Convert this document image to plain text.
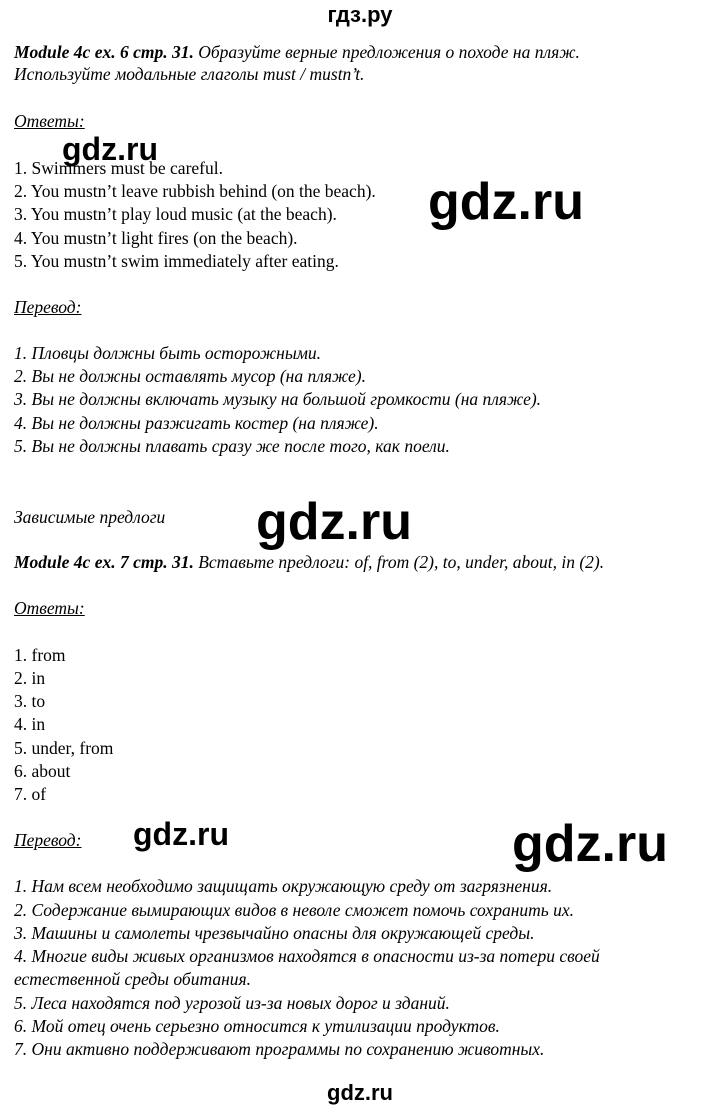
гдз.ру
Module 4c ex. 6 стр. 31. Образуйте верные предложения о походе на пляж.
Используйте модальные глаголы must / mustn’t.
Ответы:
1. Swimmers must be careful.
2. You mustn’t leave rubbish behind (on the beach).
3. You mustn’t play loud music (at the beach).
4. You mustn’t light fires (on the beach).
5. You mustn’t swim immediately after eating.
Перевод:
1. Пловцы должны быть осторожными.
2. Вы не должны оставлять мусор (на пляже).
3. Вы не должны включать музыку на большой громкости (на пляже).
4. Вы не должны разжигать костер (на пляже).
5. Вы не должны плавать сразу же после того, как поели.
Зависимые предлоги
Module 4c ex. 7 стр. 31. Вставьте предлоги: of, from (2), to, under, about, in (2).
Ответы:
1. from
2. in
3. to
4. in
5. under, from
6. about
7. of
Перевод:
1. Нам всем необходимо защищать окружающую среду от загрязнения.
2. Содержание вымирающих видов в неволе сможет помочь сохранить их.
3. Машины и самолеты чрезвычайно опасны для окружающей среды.
4. Многие виды живых организмов находятся в опасности из-за потери своей
естественной среды обитания.
5. Леса находятся под угрозой из-за новых дорог и зданий.
6. Мой отец очень серьезно относится к утилизации продуктов.
7. Они активно поддерживают программы по сохранению животных.
gdz.ru
gdz.ru
gdz.ru
gdz.ru	gdz.ru
gdz.ru
